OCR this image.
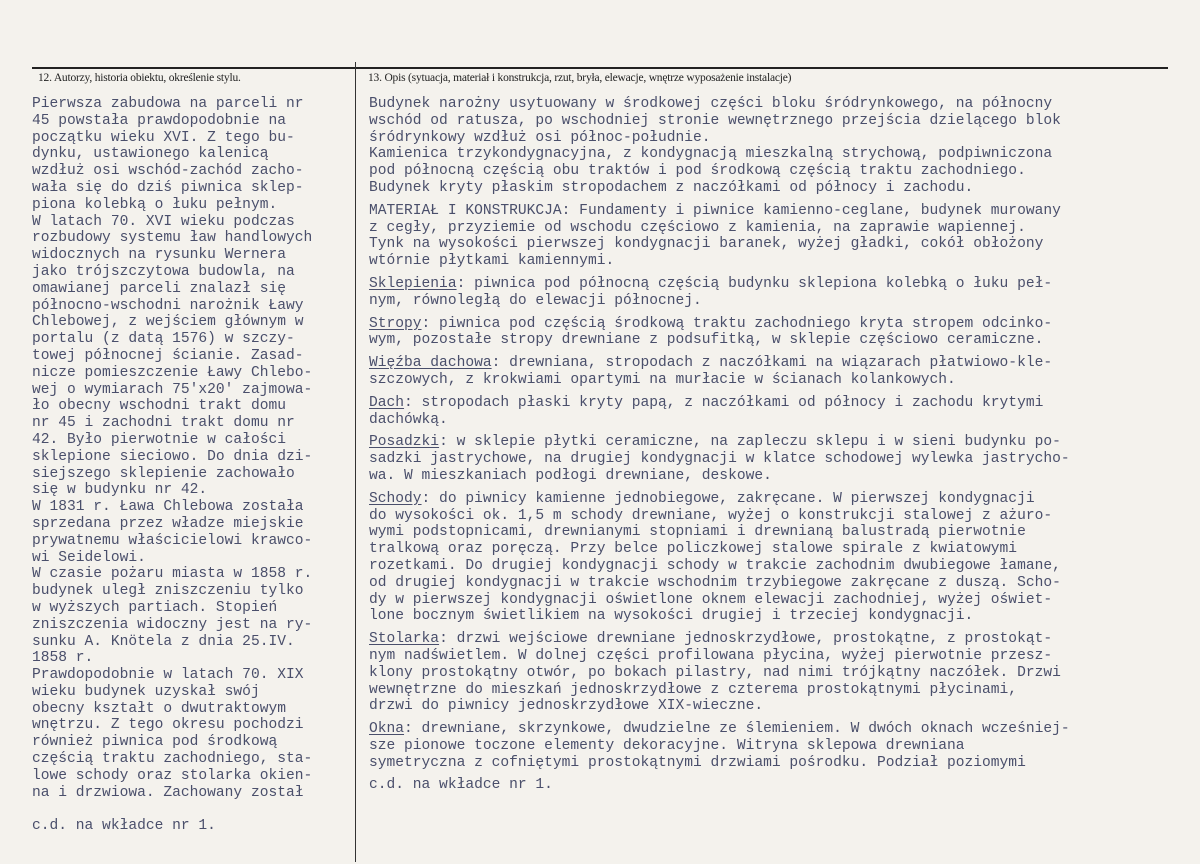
12. Autorzy, historia obiektu, określenie stylu.	13. Opis (sytuacja, materiał i konstrukcja, rzut, bryła, elewacje, wnętrze wyposażenie instalacje)
Pierwsza zabudowa na parceli nr
45 powstała prawdopodobnie na
początku wieku XVI. Z tego bu-
dynku, ustawionego kalenicą
wzdłuż osi wschód-zachód zacho-
wała się do dziś piwnica sklep-
piona kolebką o łuku pełnym.
W latach 70. XVI wieku podczas
rozbudowy systemu ław handlowych
widocznych na rysunku Wernera
jako trójszczytowa budowla, na
omawianej parceli znalazł się
północno-wschodni narożnik Ławy
Chlebowej, z wejściem głównym w
portalu (z datą 1576) w szczy-
towej północnej ścianie. Zasad-
nicze pomieszczenie Ławy Chlebo-
wej o wymiarach 75'x20' zajmowa-
ło obecny wschodni trakt domu
nr 45 i zachodni trakt domu nr
42. Było pierwotnie w całości
sklepione sieciowo. Do dnia dzi-
siejszego sklepienie zachowało
się w budynku nr 42.
W 1831 r. Ława Chlebowa została
sprzedana przez władze miejskie
prywatnemu właścicielowi krawco-
wi Seidelowi.
W czasie pożaru miasta w 1858 r.
budynek uległ zniszczeniu tylko
w wyższych partiach. Stopień
zniszczenia widoczny jest na ry-
sunku A. Knötela z dnia 25.IV.
1858 r.
Prawdopodobnie w latach 70. XIX
wieku budynek uzyskał swój
obecny kształt o dwutraktowym
wnętrzu. Z tego okresu pochodzi
również piwnica pod środkową
częścią traktu zachodniego, sta-
lowe schody oraz stolarka okien-
na i drzwiowa. Zachowany został
c.d. na wkładce nr 1.
Budynek narożny usytuowany w środkowej części bloku śródrynkowego, na północny
wschód od ratusza, po wschodniej stronie wewnętrznego przejścia dzielącego blok
śródrynkowy wzdłuż osi północ-południe.
Kamienica trzykondygnacyjna, z kondygnacją mieszkalną strychową, podpiwniczona
pod północną częścią obu traktów i pod środkową częścią traktu zachodniego.
Budynek kryty płaskim stropodachem z naczółkami od północy i zachodu.
MATERIAŁ I KONSTRUKCJA: Fundamenty i piwnice kamienno-ceglane, budynek murowany
z cegły, przyziemie od wschodu częściowo z kamienia, na zaprawie wapiennej.
Tynk na wysokości pierwszej kondygnacji baranek, wyżej gładki, cokół obłożony
wtórnie płytkami kamiennymi.
Sklepienia: piwnica pod północną częścią budynku sklepiona kolebką o łuku peł-
nym, równoległą do elewacji północnej.
Stropy: piwnica pod częścią środkową traktu zachodniego kryta stropem odcinko-
wym, pozostałe stropy drewniane z podsufitką, w sklepie częściowo ceramiczne.
Więźba dachowa: drewniana, stropodach z naczółkami na wiązarach płatwiowo-kle-
szczowych, z krokwiami opartymi na murłacie w ścianach kolankowych.
Dach: stropodach płaski kryty papą, z naczółkami od północy i zachodu krytymi
dachówką.
Posadzki: w sklepie płytki ceramiczne, na zapleczu sklepu i w sieni budynku po-
sadzki jastrychowe, na drugiej kondygnacji w klatce schodowej wylewka jastrycho-
wa. W mieszkaniach podłogi drewniane, deskowe.
Schody: do piwnicy kamienne jednobiegowe, zakręcane. W pierwszej kondygnacji
do wysokości ok. 1,5 m schody drewniane, wyżej o konstrukcji stalowej z ażuro-
wymi podstopnicami, drewnianymi stopniami i drewnianą balustradą pierwotnie
tralkową oraz poręczą. Przy belce policzkowej stalowe spirale z kwiatowymi
rozetkami. Do drugiej kondygnacji schody w trakcie zachodnim dwubiegowe łamane,
od drugiej kondygnacji w trakcie wschodnim trzybiegowe zakręcane z duszą. Scho-
dy w pierwszej kondygnacji oświetlone oknem elewacji zachodniej, wyżej oświet-
lone bocznym świetlikiem na wysokości drugiej i trzeciej kondygnacji.
Stolarka: drzwi wejściowe drewniane jednoskrzydłowe, prostokątne, z prostokąt-
nym nadświetlem. W dolnej części profilowana płycina, wyżej pierwotnie przesz-
klony prostokątny otwór, po bokach pilastry, nad nimi trójkątny naczółek. Drzwi
wewnętrzne do mieszkań jednoskrzydłowe z czterema prostokątnymi płycinami,
drzwi do piwnicy jednoskrzydłowe XIX-wieczne.
Okna: drewniane, skrzynkowe, dwudzielne ze ślemieniem. W dwóch oknach wcześniej-
sze pionowe toczone elementy dekoracyjne. Witryna sklepowa drewniana
symetryczna z cofniętymi prostokątnymi drzwiami pośrodku. Podział poziomymi
c.d. na wkładce nr 1.
